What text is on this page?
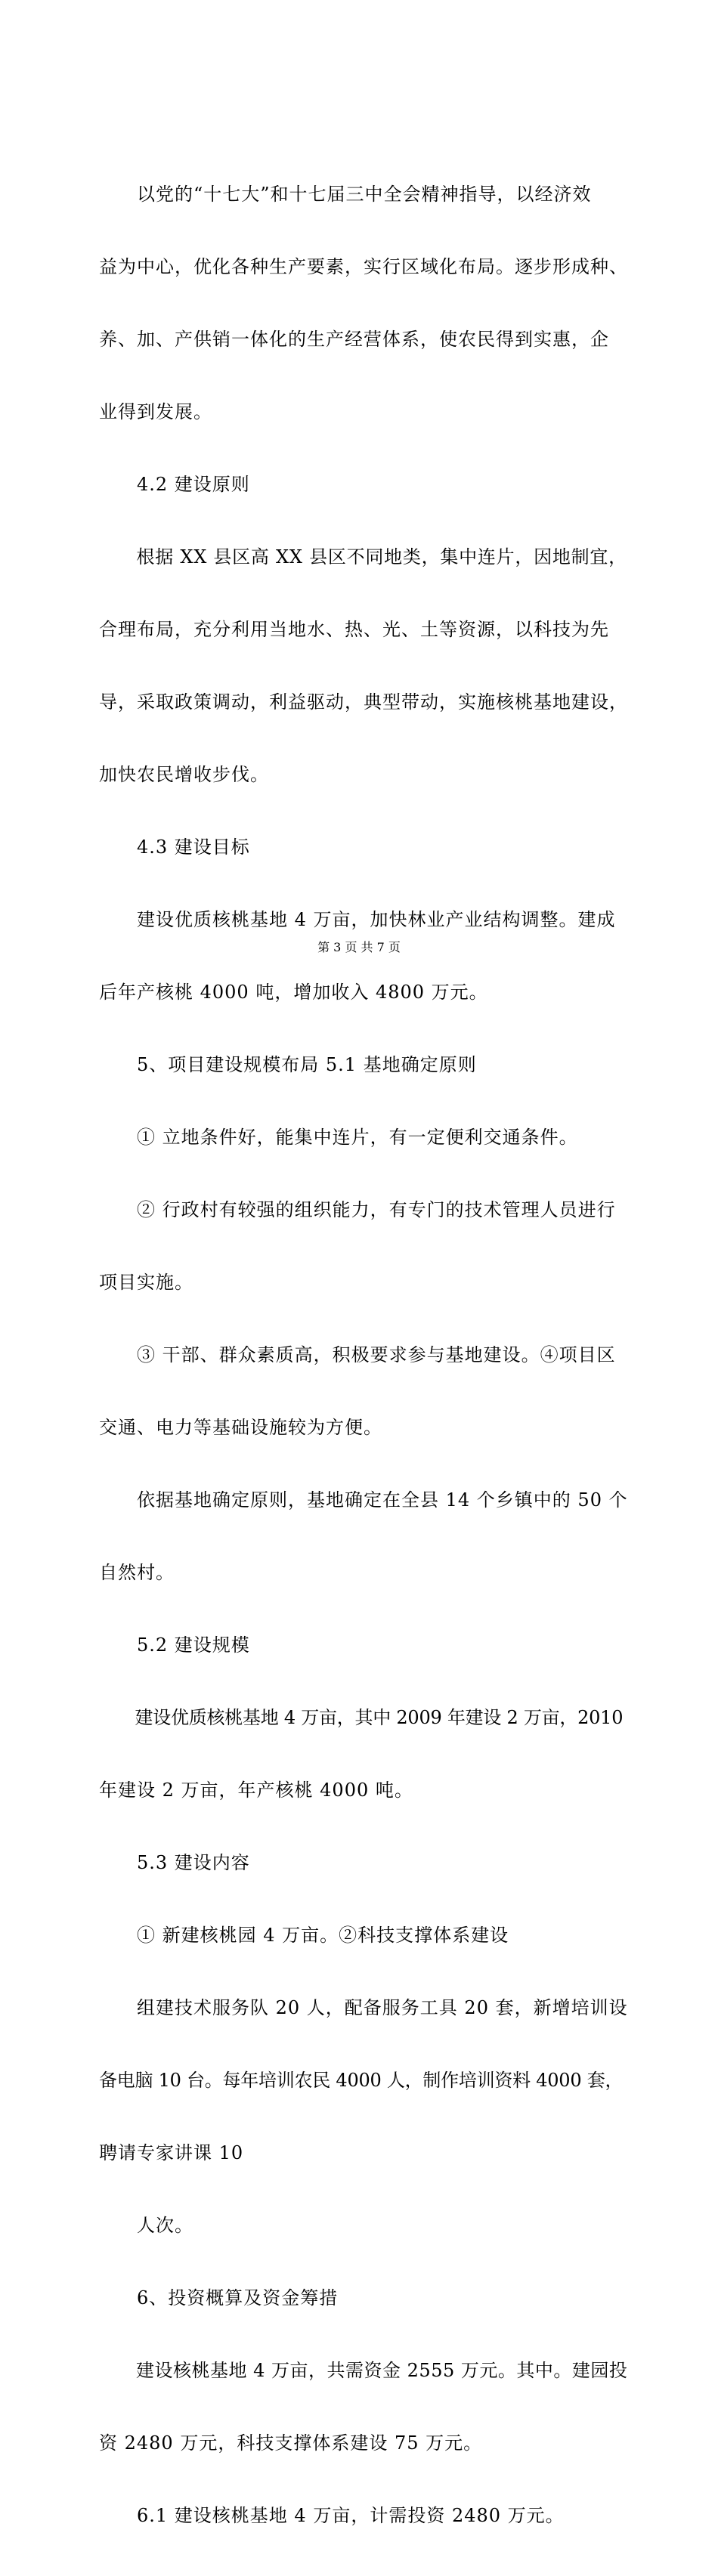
　　以党的“十七大”和十七届三中全会精神指导，以经济效

益为中心，优化各种生产要素，实行区域化布局。逐步形成种、

养、加、产供销一体化的生产经营体系，使农民得到实惠，企

业得到发展。

　　4.2 建设原则

　　根据 XX 县区高 XX 县区不同地类，集中连片，因地制宜，

合理布局，充分利用当地水、热、光、土等资源，以科技为先

导，采取政策调动，利益驱动，典型带动，实施核桃基地建设，

加快农民增收步伐。

　　4.3 建设目标

　　建设优质核桃基地 4 万亩，加快林业产业结构调整。建成

后年产核桃 4000 吨，增加收入 4800 万元。

　　5、项目建设规模布局 5.1 基地确定原则

　　① 立地条件好，能集中连片，有一定便利交通条件。

　　② 行政村有较强的组织能力，有专门的技术管理人员进行

项目实施。

　　③ 干部、群众素质高，积极要求参与基地建设。④项目区

交通、电力等基础设施较为方便。

　　依据基地确定原则，基地确定在全县 14 个乡镇中的 50 个

自然村。

　　5.2 建设规模

　　建设优质核桃基地 4 万亩，其中 2009 年建设 2 万亩，2010

年建设 2 万亩，年产核桃 4000 吨。

　　5.3 建设内容

　　① 新建核桃园 4 万亩。②科技支撑体系建设

　　组建技术服务队 20 人，配备服务工具 20 套，新增培训设

备电脑 10 台。每年培训农民 4000 人，制作培训资料 4000 套，

聘请专家讲课 10

　　人次。

　　6、投资概算及资金筹措

　　建设核桃基地 4 万亩，共需资金 2555 万元。其中。建园投

资 2480 万元，科技支撑体系建设 75 万元。

　　6.1 建设核桃基地 4 万亩，计需投资 2480 万元。

第 3 页 共 7 页
